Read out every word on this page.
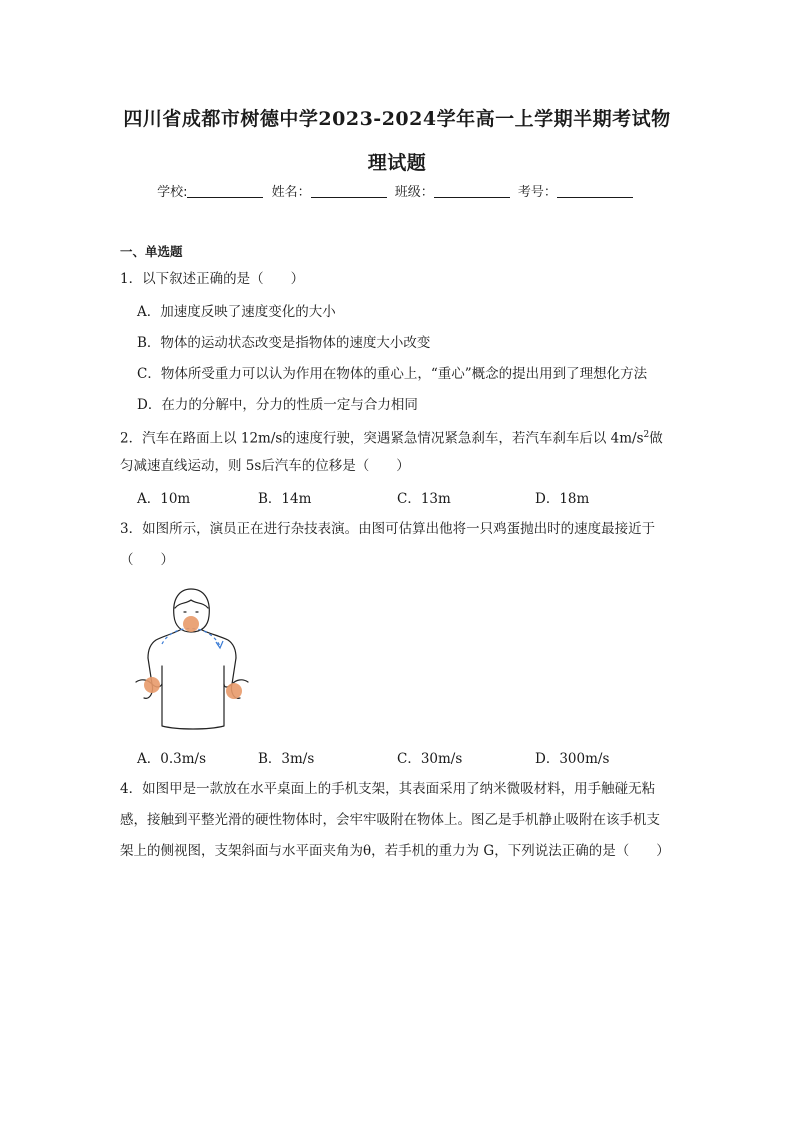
四川省成都市树德中学2023-2024学年高一上学期半期考试物
理试题
学校:	姓名：	班级：	考号：
一、单选题
1．以下叙述正确的是（　　）
A．加速度反映了速度变化的大小
B．物体的运动状态改变是指物体的速度大小改变
C．物体所受重力可以认为作用在物体的重心上，“重心”概念的提出用到了理想化方法
D．在力的分解中，分力的性质一定与合力相同
2．汽车在路面上以 12m/s的速度行驶，突遇紧急情况紧急刹车，若汽车刹车后以 $4m/s^2$做
匀减速直线运动，则 5s后汽车的位移是（　　）
A．10m	B．14m	C．13m	D．18m
3．如图所示，演员正在进行杂技表演。由图可估算出他将一只鸡蛋抛出时的速度最接近于
（　　）
A．0.3m/s	B．3m/s	C．30m/s	D．300m/s
4．如图甲是一款放在水平桌面上的手机支架，其表面采用了纳米微吸材料，用手触碰无粘
感，接触到平整光滑的硬性物体时，会牢牢吸附在物体上。图乙是手机静止吸附在该手机支
架上的侧视图，支架斜面与水平面夹角为θ，若手机的重力为 G，下列说法正确的是（　　）
